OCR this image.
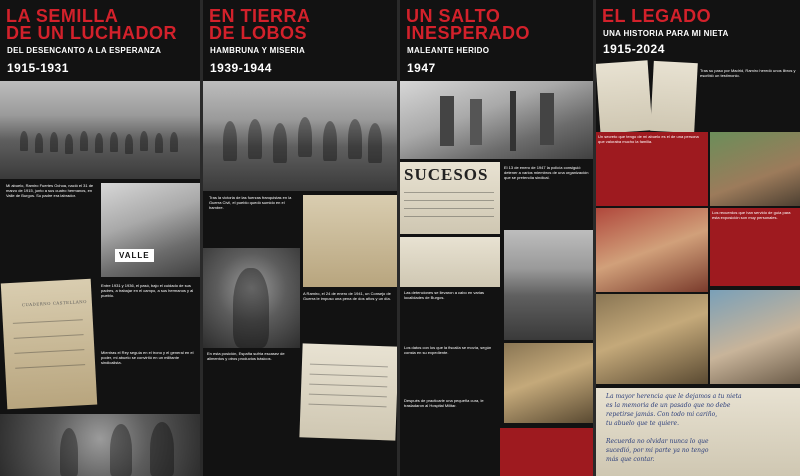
LA SEMILLA
DE UN LUCHADOR
DEL DESENCANTO A LA ESPERANZA
1915-1931
Mi abuelo, Ramiro Fuertes Ochoa, nació el 31 de marzo de 1915, junto a sus cuatro hermanos, en Valle de Burgos. Su padre era labrador.
VALLE
CUADERNO CASTELLANO
Entre 1931 y 1936, el pasó, bajo el cuidado de sus padres, a trabajar en el campo, a sus hermanos y al pueblo.
Mientras el Rey seguía en el trono y el general en el poder, mi abuelo se convirtió en un militante sindicalista.
EN TIERRA
DE LOBOS
HAMBRUNA Y MISERIA
1939-1944
Tras la victoria de las fuerzas franquistas en la Guerra Civil, el pueblo quedó sumido en el hambre.
En esta posición, España sufría escasez de alimentos y otros productos básicos.
A Ramiro, el 24 de enero de 1941, un Consejo de Guerra le impuso una pena de dos años y un día.
UN SALTO
INESPERADO
MALEANTE HERIDO
1947
SUCESOS	El 13 de enero de 1947 la policía consiguió detener a varios miembros de una organización que se pretendía sindical.
Las detenciones se llevaron a cabo en varias localidades de Burgos.
Los datos con los que la fiscalía se movía, según consta en su expediente.
Después de practicarle una pequeña cura, le trasladaron al Hospital Militar.
EL LEGADO
UNA HISTORIA PARA MI NIETA
1915-2024
Tras su paso por Madrid, Ramiro heredó unos libros y escribió un testimonio.
Un secreto que tengo de mi abuelo es el de una persona que valoraba mucho la familia.
Los recuerdos que han servido de guía para esta exposición son muy personales.
La mayor herencia que le dejamos a tu nieta
es la memoria de un pasado que no debe
repetirse jamás. Con todo mi cariño,
tu abuelo que te quiere.

Recuerda no olvidar nunca lo que
sucedió, por mi parte ya no tengo
más que contar.
